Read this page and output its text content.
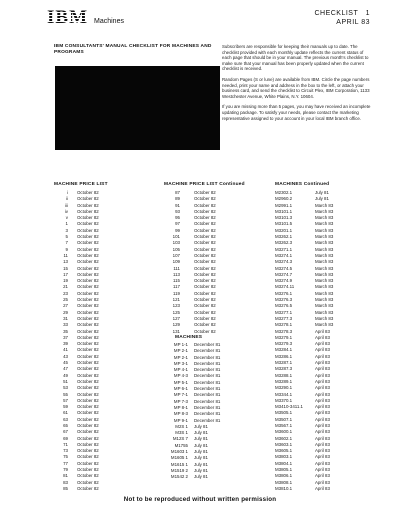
IBM Machines
CHECKLIST 1
APRIL 83
IBM CONSULTANTS' MANUAL CHECKLIST FOR MACHINES AND PROGRAMS

Subscribers are responsible for keeping their manuals up to date. The checklist provided with each monthly update reflects the current status of each page that should be in your manual. The previous month's checklist to make sure that your manual has been properly updated when the current checklist is received.

Random Pages (S or lune) are available from IBM. Circle the page numbers needed, print your name and address in the box to the left, or attach your business card, and send the checklist to Circuit Plex, IBM Corporation, 1133 Westchester Avenue, White Plains, N.Y. 10604.

If you are missing more than 5 pages, you may have received an incomplete updating package. To satisfy your needs, please contact the marketing representative assigned to your account in your local IBM branch office.

MACHINE PRICE LIST	MACHINE PRICE LIST Continued	MACHINES Continued
i October 82
ii October 82
iii October 82
iv October 82
v October 82
1 October 82
3 October 82
5 October 82
7 October 82
9 October 82
11 October 82
13 October 82
15 October 82
17 October 82
19 October 82
21 October 82
23 October 82
25 October 82
27 October 82
29 October 82
31 October 82
33 October 82
35 October 82
37 October 82
39 October 82
41 October 82
43 October 82
45 October 82
47 October 82
49 October 82
51 October 82
53 October 82
55 October 82
57 October 82
59 October 82
61 October 82
63 October 82
65 October 82
67 October 82
69 October 82
71 October 82
73 October 82
75 October 82
77 October 82
79 October 82
81 October 82
83 October 82
85 October 82
87	October 82
89	October 82
91	October 82
93	October 82
95	October 82
97	October 82
99	October 82
101	October 82
103	October 82
105	October 82
107	October 82
109	October 82
111	October 82
113	October 82
115	October 82
117	October 82
119	October 82
121	October 82
123	October 82
125	October 82
127	October 82
129	October 82
131	October 82
MACHINES
MP 1-1 December 81
MP 2-1 December 81
MP 2-1 December 81
MP 3-1 December 81
MP 4-1 December 81
MP 4-3 December 81
MP 5-1 December 81
MP 6-1 December 81
MP 7-1 December 81
MP 7-3 December 81
MP 8-1 December 81
MP 8-3 December 81
MP 9-1 December 81
M2S 1 July 81
M3S 1 July 81
M12S 7 July 81
M1755 July 81
M1603 1 July 81
M1605 1 July 81
M1615 1 July 81
M1519 2 July 81
M1542 2 July 81
M2302.1	July 81
M2960.2	July 81
M2991.1	March 83
M3101.1	March 83
M3101.3	March 83
M3101.5	March 83
M3201.1	March 83
M3262.1	March 83
M3262.3	March 83
M3271.1	March 83
M3274.1	March 83
M3274.3	March 83
M3274.5	March 83
M3274.7	March 83
M3274.9	March 83
M3274.11	March 83
M3276.1	March 83
M3276.3	March 83
M3276.5	March 83
M3277.1	March 83
M3277.3	March 83
M3278.1	March 83
M3278.3	April 83
M3279.1	April 83
M3279.3	April 83
M3284.1	April 83
M3286.1	April 83
M3287.1	April 83
M3287.3	April 83
M3288.1	April 83
M3289.1	April 83
M3290.1	April 83
M3344.1	April 83
M3370.1	April 83
M3410-3411.1	April 83
M3505.1	April 83
M3507.1	April 83
M3567.1	April 83
M3600.1	April 83
M3602.1	April 83
M3603.1	April 83
M3605.1	April 83
M3803.1	April 83
M3804.1	April 83
M3805.1	April 83
M3806.1	April 83
M3808.1	April 83
M3810.1	April 83
Not to be reproduced without written permission
